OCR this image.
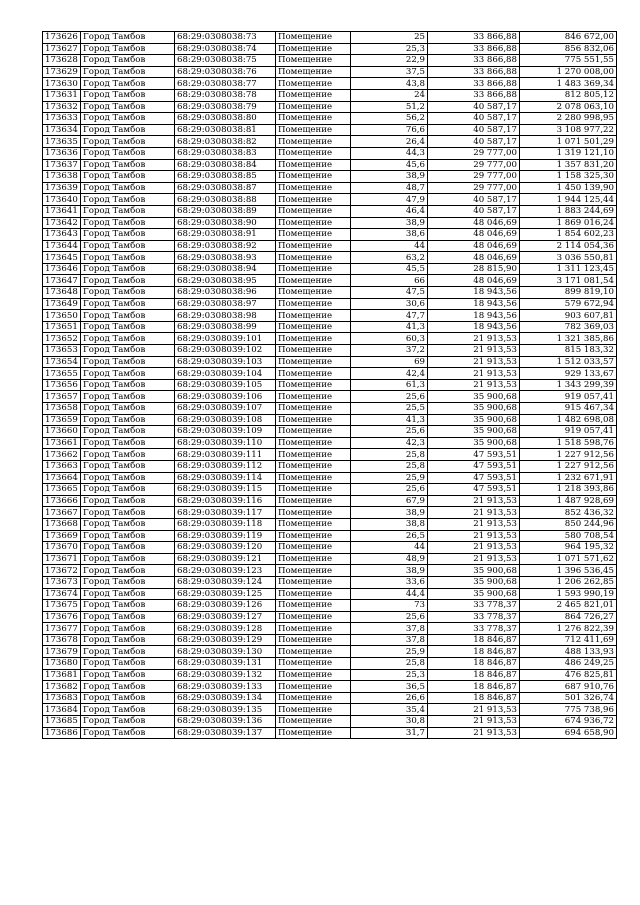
173626	Город Тамбов	68:29:0308038:73	Помещение	25	33 866,88	846 672,00
173627	Город Тамбов	68:29:0308038:74	Помещение	25,3	33 866,88	856 832,06
173628	Город Тамбов	68:29:0308038:75	Помещение	22,9	33 866,88	775 551,55
173629	Город Тамбов	68:29:0308038:76	Помещение	37,5	33 866,88	1 270 008,00
173630	Город Тамбов	68:29:0308038:77	Помещение	43,8	33 866,88	1 483 369,34
173631	Город Тамбов	68:29:0308038:78	Помещение	24	33 866,88	812 805,12
173632	Город Тамбов	68:29:0308038:79	Помещение	51,2	40 587,17	2 078 063,10
173633	Город Тамбов	68:29:0308038:80	Помещение	56,2	40 587,17	2 280 998,95
173634	Город Тамбов	68:29:0308038:81	Помещение	76,6	40 587,17	3 108 977,22
173635	Город Тамбов	68:29:0308038:82	Помещение	26,4	40 587,17	1 071 501,29
173636	Город Тамбов	68:29:0308038:83	Помещение	44,3	29 777,00	1 319 121,10
173637	Город Тамбов	68:29:0308038:84	Помещение	45,6	29 777,00	1 357 831,20
173638	Город Тамбов	68:29:0308038:85	Помещение	38,9	29 777,00	1 158 325,30
173639	Город Тамбов	68:29:0308038:87	Помещение	48,7	29 777,00	1 450 139,90
173640	Город Тамбов	68:29:0308038:88	Помещение	47,9	40 587,17	1 944 125,44
173641	Город Тамбов	68:29:0308038:89	Помещение	46,4	40 587,17	1 883 244,69
173642	Город Тамбов	68:29:0308038:90	Помещение	38,9	48 046,69	1 869 016,24
173643	Город Тамбов	68:29:0308038:91	Помещение	38,6	48 046,69	1 854 602,23
173644	Город Тамбов	68:29:0308038:92	Помещение	44	48 046,69	2 114 054,36
173645	Город Тамбов	68:29:0308038:93	Помещение	63,2	48 046,69	3 036 550,81
173646	Город Тамбов	68:29:0308038:94	Помещение	45,5	28 815,90	1 311 123,45
173647	Город Тамбов	68:29:0308038:95	Помещение	66	48 046,69	3 171 081,54
173648	Город Тамбов	68:29:0308038:96	Помещение	47,5	18 943,56	899 819,10
173649	Город Тамбов	68:29:0308038:97	Помещение	30,6	18 943,56	579 672,94
173650	Город Тамбов	68:29:0308038:98	Помещение	47,7	18 943,56	903 607,81
173651	Город Тамбов	68:29:0308038:99	Помещение	41,3	18 943,56	782 369,03
173652	Город Тамбов	68:29:0308039:101	Помещение	60,3	21 913,53	1 321 385,86
173653	Город Тамбов	68:29:0308039:102	Помещение	37,2	21 913,53	815 183,32
173654	Город Тамбов	68:29:0308039:103	Помещение	69	21 913,53	1 512 033,57
173655	Город Тамбов	68:29:0308039:104	Помещение	42,4	21 913,53	929 133,67
173656	Город Тамбов	68:29:0308039:105	Помещение	61,3	21 913,53	1 343 299,39
173657	Город Тамбов	68:29:0308039:106	Помещение	25,6	35 900,68	919 057,41
173658	Город Тамбов	68:29:0308039:107	Помещение	25,5	35 900,68	915 467,34
173659	Город Тамбов	68:29:0308039:108	Помещение	41,3	35 900,68	1 482 698,08
173660	Город Тамбов	68:29:0308039:109	Помещение	25,6	35 900,68	919 057,41
173661	Город Тамбов	68:29:0308039:110	Помещение	42,3	35 900,68	1 518 598,76
173662	Город Тамбов	68:29:0308039:111	Помещение	25,8	47 593,51	1 227 912,56
173663	Город Тамбов	68:29:0308039:112	Помещение	25,8	47 593,51	1 227 912,56
173664	Город Тамбов	68:29:0308039:114	Помещение	25,9	47 593,51	1 232 671,91
173665	Город Тамбов	68:29:0308039:115	Помещение	25,6	47 593,51	1 218 393,86
173666	Город Тамбов	68:29:0308039:116	Помещение	67,9	21 913,53	1 487 928,69
173667	Город Тамбов	68:29:0308039:117	Помещение	38,9	21 913,53	852 436,32
173668	Город Тамбов	68:29:0308039:118	Помещение	38,8	21 913,53	850 244,96
173669	Город Тамбов	68:29:0308039:119	Помещение	26,5	21 913,53	580 708,54
173670	Город Тамбов	68:29:0308039:120	Помещение	44	21 913,53	964 195,32
173671	Город Тамбов	68:29:0308039:121	Помещение	48,9	21 913,53	1 071 571,62
173672	Город Тамбов	68:29:0308039:123	Помещение	38,9	35 900,68	1 396 536,45
173673	Город Тамбов	68:29:0308039:124	Помещение	33,6	35 900,68	1 206 262,85
173674	Город Тамбов	68:29:0308039:125	Помещение	44,4	35 900,68	1 593 990,19
173675	Город Тамбов	68:29:0308039:126	Помещение	73	33 778,37	2 465 821,01
173676	Город Тамбов	68:29:0308039:127	Помещение	25,6	33 778,37	864 726,27
173677	Город Тамбов	68:29:0308039:128	Помещение	37,8	33 778,37	1 276 822,39
173678	Город Тамбов	68:29:0308039:129	Помещение	37,8	18 846,87	712 411,69
173679	Город Тамбов	68:29:0308039:130	Помещение	25,9	18 846,87	488 133,93
173680	Город Тамбов	68:29:0308039:131	Помещение	25,8	18 846,87	486 249,25
173681	Город Тамбов	68:29:0308039:132	Помещение	25,3	18 846,87	476 825,81
173682	Город Тамбов	68:29:0308039:133	Помещение	36,5	18 846,87	687 910,76
173683	Город Тамбов	68:29:0308039:134	Помещение	26,6	18 846,87	501 326,74
173684	Город Тамбов	68:29:0308039:135	Помещение	35,4	21 913,53	775 738,96
173685	Город Тамбов	68:29:0308039:136	Помещение	30,8	21 913,53	674 936,72
173686	Город Тамбов	68:29:0308039:137	Помещение	31,7	21 913,53	694 658,90
